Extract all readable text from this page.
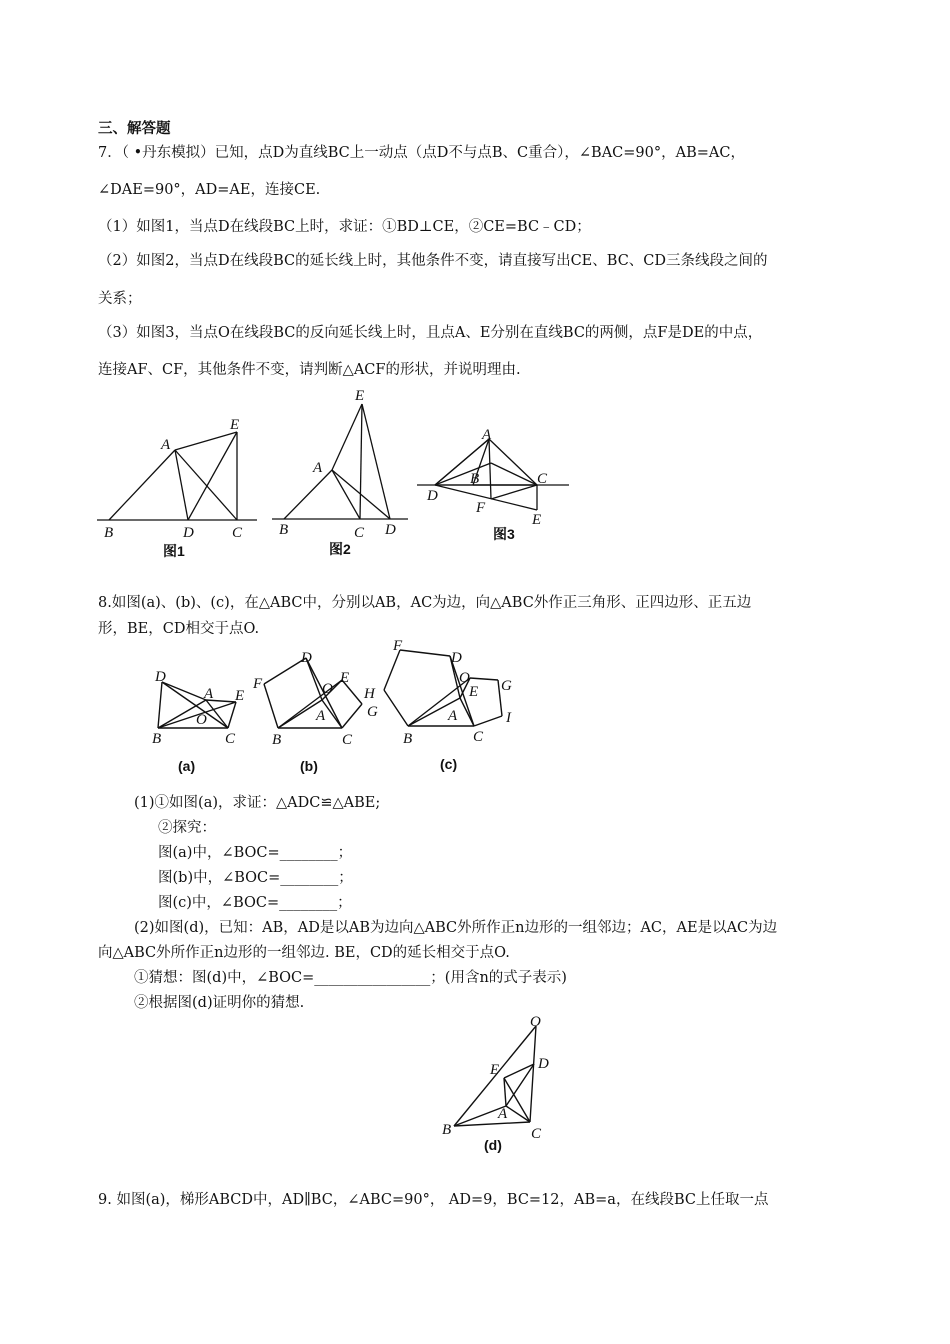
三、解答题
7．（ •丹东模拟）已知，点D为直线BC上一动点（点D不与点B、C重合），∠BAC=90°，AB=AC，
∠DAE=90°，AD=AE，连接CE.
（1）如图1，当点D在线段BC上时，求证：①BD⊥CE，②CE=BC﹣CD；
（2）如图2，当点D在线段BC的延长线上时，其他条件不变，请直接写出CE、BC、CD三条线段之间的
关系；
（3）如图3，当点O在线段BC的反向延长线上时，且点A、E分别在直线BC的两侧，点F是DE的中点，
连接AF、CF，其他条件不变，请判断△ACF的形状，并说明理由.
A
B	C
D
E
图1
A
B	C D
E
图2
A
B	C
D
E
F
图3
8.如图(a)、(b)、(c)，在△ABC中，分别以AB，AC为边，向△ABC外作正三角形、正四边形、正五边
形，BE，CD相交于点O.
D
A E
O
B	C
(a)
F
D
O
E
H
G
A
B	C
(b)
F
D
O
E G
I
A
B	C
(c)
(1)①如图(a)，求证：△ADC≌△ABE;
②探究：
图(a)中，∠BOC=________；
图(b)中，∠BOC=________；
图(c)中，∠BOC=________；
(2)如图(d)，已知：AB，AD是以AB为边向△ABC外所作正n边形的一组邻边；AC，AE是以AC为边
向△ABC外所作正n边形的一组邻边. BE，CD的延长相交于点O.
①猜想：图(d)中，∠BOC=________________；(用含n的式子表示)
②根据图(d)证明你的猜想.
O
D
E
A
B	C
(d)
9. 如图(a)，梯形ABCD中，AD∥BC，∠ABC=90°， AD=9，BC=12，AB=a，在线段BC上任取一点
